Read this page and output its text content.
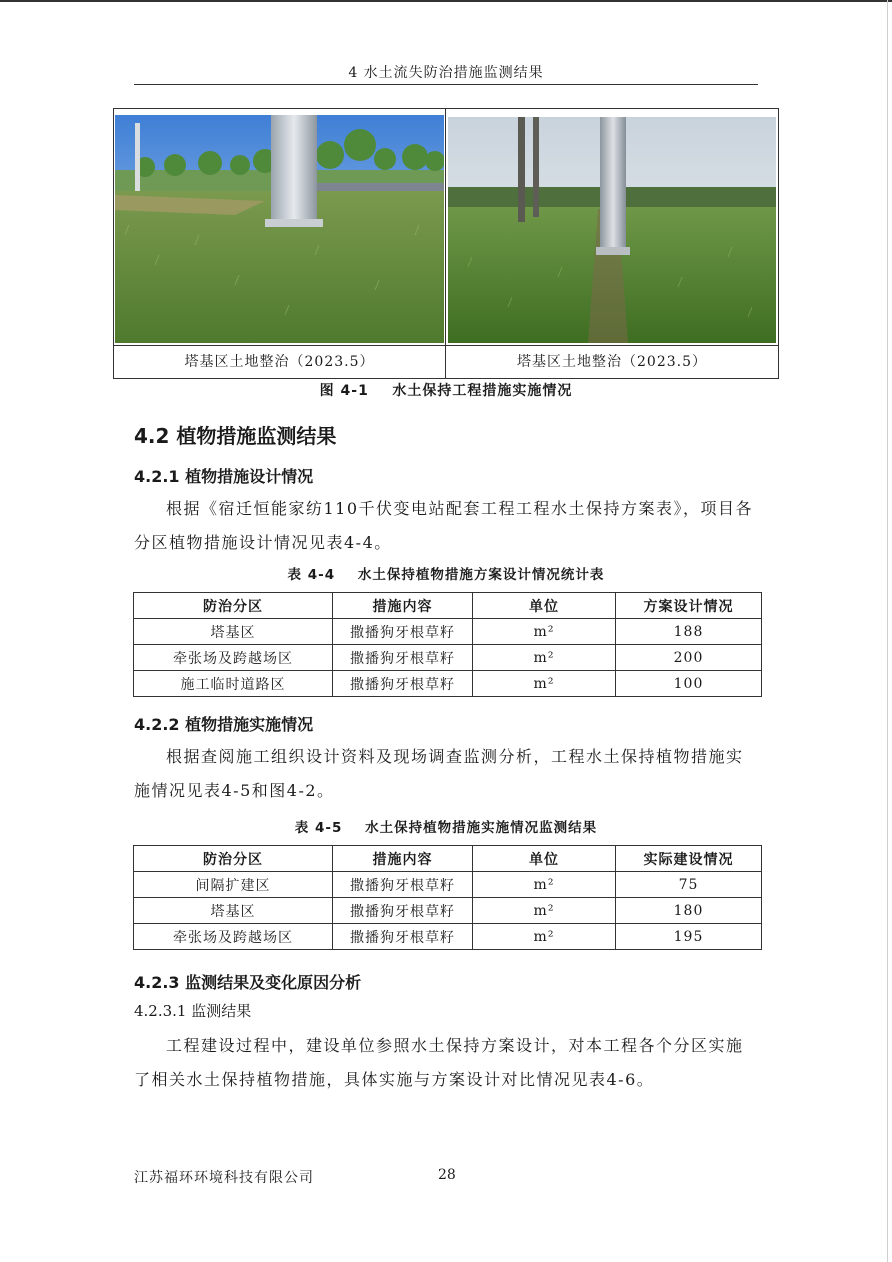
4 水土流失防治措施监测结果
塔基区土地整治（2023.5）	塔基区土地整治（2023.5）
图 4-1    水土保持工程措施实施情况
4.2 植物措施监测结果
4.2.1 植物措施设计情况

根据《宿迁恒能家纺110千伏变电站配套工程工程水土保持方案表》，项目各分区植物措施设计情况见表4-4。

表 4-4    水土保持植物措施方案设计情况统计表
防治分区	措施内容	单位	方案设计情况
塔基区	撒播狗牙根草籽	m²	188
牵张场及跨越场区	撒播狗牙根草籽	m²	200
施工临时道路区	撒播狗牙根草籽	m²	100
4.2.2 植物措施实施情况

根据查阅施工组织设计资料及现场调查监测分析，工程水土保持植物措施实施情况见表4-5和图4-2。

表 4-5    水土保持植物措施实施情况监测结果
防治分区	措施内容	单位	实际建设情况
间隔扩建区	撒播狗牙根草籽	m²	75
塔基区	撒播狗牙根草籽	m²	180
牵张场及跨越场区	撒播狗牙根草籽	m²	195
4.2.3 监测结果及变化原因分析
4.2.3.1 监测结果

工程建设过程中，建设单位参照水土保持方案设计，对本工程各个分区实施了相关水土保持植物措施，具体实施与方案设计对比情况见表4-6。

江苏福环环境科技有限公司	28
